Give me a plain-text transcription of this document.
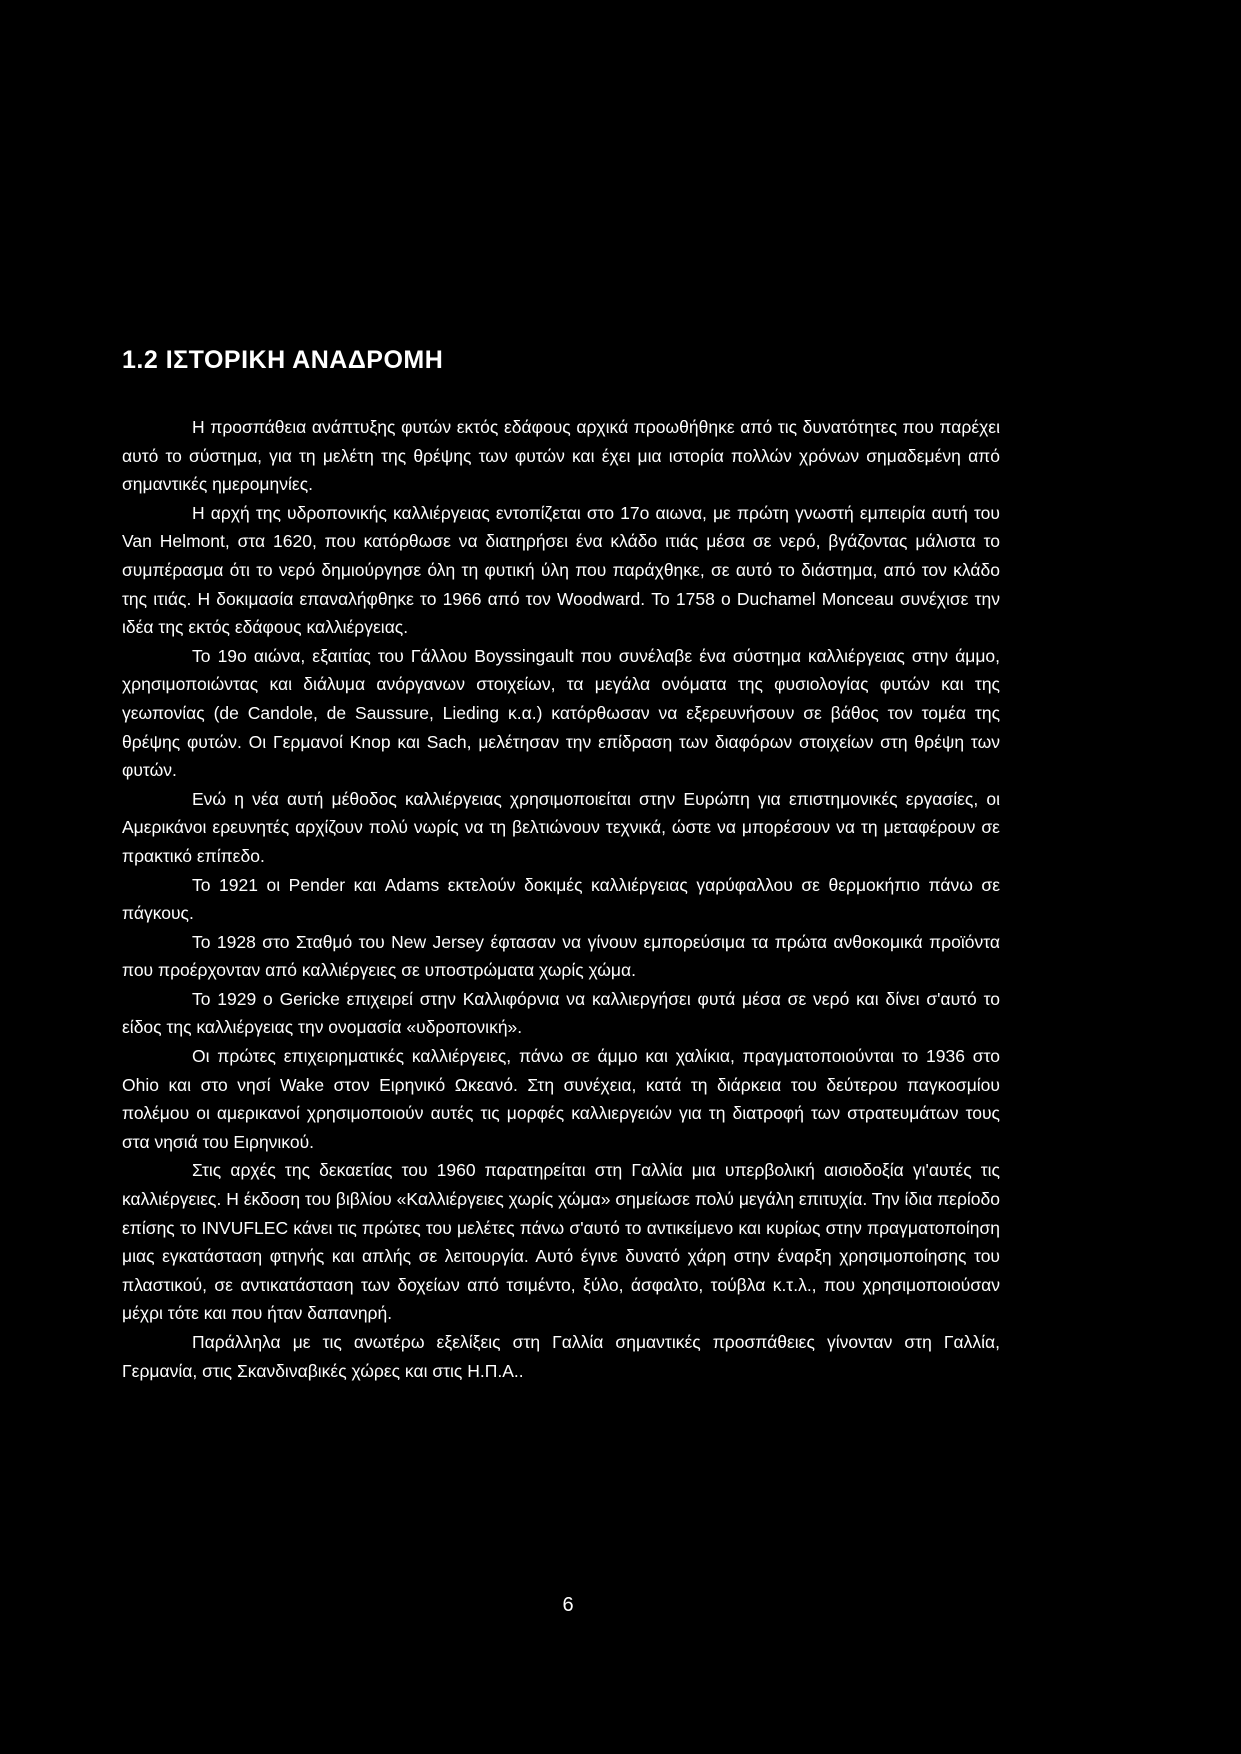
1.2 ΙΣΤΟΡΙΚΗ ΑΝΑΔΡΟΜΗ

Η προσπάθεια ανάπτυξης φυτών εκτός εδάφους αρχικά προωθήθηκε από τις δυνατότητες που παρέχει αυτό το σύστημα, για τη μελέτη της θρέψης των φυτών και έχει μια ιστορία πολλών χρόνων σημαδεμένη από σημαντικές ημερομηνίες.

Η αρχή της υδροπονικής καλλιέργειας εντοπίζεται στο 17ο αιωνα, με πρώτη γνωστή εμπειρία αυτή του Van Helmont, στα 1620, που κατόρθωσε να διατηρήσει ένα κλάδο ιτιάς μέσα σε νερό, βγάζοντας μάλιστα το συμπέρασμα ότι το νερό δημιούργησε όλη τη φυτική ύλη που παράχθηκε, σε αυτό το διάστημα, από τον κλάδο της ιτιάς. Η δοκιμασία επαναλήφθηκε το 1966 από τον Woodward. Το 1758 ο Duchamel Monceau συνέχισε την ιδέα της εκτός εδάφους καλλιέργειας.

Το 19ο αιώνα, εξαιτίας του Γάλλου Boyssingault που συνέλαβε ένα σύστημα καλλιέργειας στην άμμο, χρησιμοποιώντας και διάλυμα ανόργανων στοιχείων, τα μεγάλα ονόματα της φυσιολογίας φυτών και της γεωπονίας (de Candole, de Saussure, Lieding κ.α.) κατόρθωσαν να εξερευνήσουν σε βάθος τον τομέα της θρέψης φυτών. Οι Γερμανοί Knop και Sach, μελέτησαν την επίδραση των διαφόρων στοιχείων στη θρέψη των φυτών.

Ενώ η νέα αυτή μέθοδος καλλιέργειας χρησιμοποιείται στην Ευρώπη για επιστημονικές εργασίες, οι Αμερικάνοι ερευνητές αρχίζουν πολύ νωρίς να τη βελτιώνουν τεχνικά, ώστε να μπορέσουν να τη μεταφέρουν σε πρακτικό επίπεδο.

Το 1921 οι Pender και Adams εκτελούν δοκιμές καλλιέργειας γαρύφαλλου σε θερμοκήπιο πάνω σε πάγκους.

Το 1928 στο Σταθμό του New Jersey έφτασαν να γίνουν εμπορεύσιμα τα πρώτα ανθοκομικά προϊόντα που προέρχονταν από καλλιέργειες σε υποστρώματα χωρίς χώμα.

Το 1929 ο Gericke επιχειρεί στην Καλλιφόρνια να καλλιεργήσει φυτά μέσα σε νερό και δίνει σ'αυτό το είδος της καλλιέργειας την ονομασία «υδροπονική».

Οι πρώτες επιχειρηματικές καλλιέργειες, πάνω σε άμμο και χαλίκια, πραγματοποιούνται το 1936 στο Ohio και στο νησί Wake στον Ειρηνικό Ωκεανό. Στη συνέχεια, κατά τη διάρκεια του δεύτερου παγκοσμίου πολέμου οι αμερικανοί χρησιμοποιούν αυτές τις μορφές καλλιεργειών για τη διατροφή των στρατευμάτων τους στα νησιά του Ειρηνικού.

Στις αρχές της δεκαετίας του 1960 παρατηρείται στη Γαλλία μια υπερβολική αισιοδοξία γι'αυτές τις καλλιέργειες. Η έκδοση του βιβλίου «Καλλιέργειες χωρίς χώμα» σημείωσε πολύ μεγάλη επιτυχία. Την ίδια περίοδο επίσης το INVUFLEC κάνει τις πρώτες του μελέτες πάνω σ'αυτό το αντικείμενο και κυρίως στην πραγματοποίηση μιας εγκατάσταση φτηνής και απλής σε λειτουργία. Αυτό έγινε δυνατό χάρη στην έναρξη χρησιμοποίησης του πλαστικού, σε αντικατάσταση των δοχείων από τσιμέντο, ξύλο, άσφαλτο, τούβλα κ.τ.λ., που χρησιμοποιούσαν μέχρι τότε και που ήταν δαπανηρή.

Παράλληλα με τις ανωτέρω εξελίξεις στη Γαλλία σημαντικές προσπάθειες γίνονταν στη Γαλλία, Γερμανία, στις Σκανδιναβικές χώρες και στις Η.Π.Α..

6
